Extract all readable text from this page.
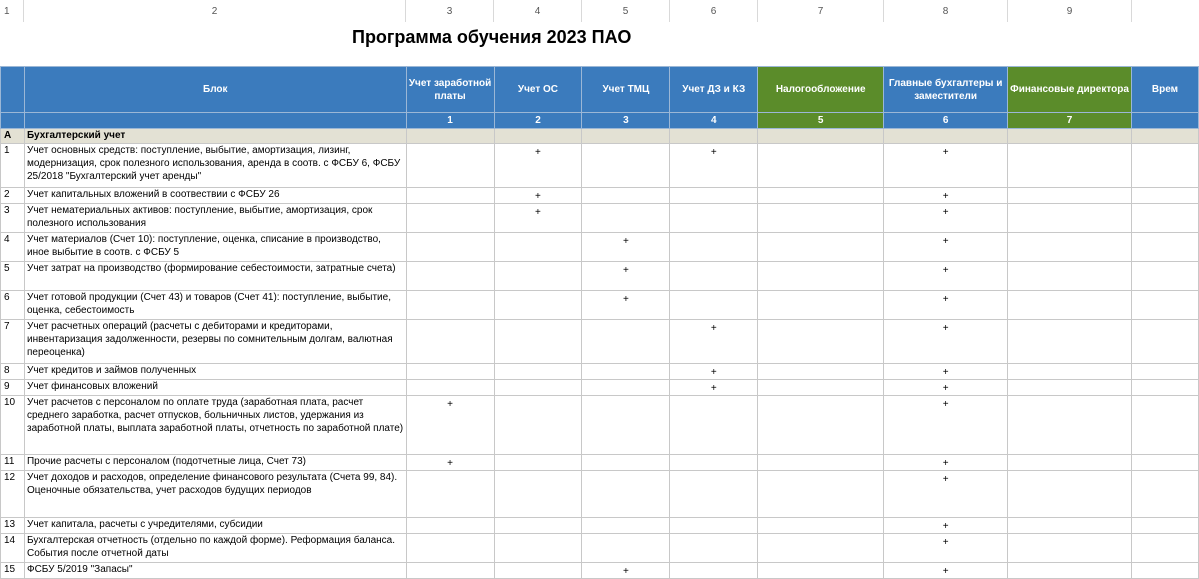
1	2	3	4	5	6	7	8	9
Программа обучения 2023 ПАО
	Блок	Учет заработной платы	Учет ОС	Учет ТМЦ	Учет ДЗ и КЗ	Налогообложение	Главные бухгалтеры и заместители	Финансовые директора	Врем
		1	2	3	4	5	6	7	
А	Бухгалтерский учет								
1	Учет основных средств: поступление, выбытие, амортизация, лизинг, модернизация, срок полезного использования, аренда в соотв. с ФСБУ 6, ФСБУ 25/2018 "Бухгалтерский учет аренды"		+		+		+		
2	Учет капитальных вложений в соотвествии с ФСБУ 26		+				+		
3	Учет нематериальных активов: поступление, выбытие, амортизация, срок полезного использования		+				+		
4	Учет материалов (Счет 10): поступление, оценка, списание в производство, иное выбытие в соотв. с ФСБУ 5			+			+		
5	Учет затрат на производство (формирование себестоимости, затратные счета)			+			+		
6	Учет готовой продукции (Счет 43) и товаров (Счет 41): поступление, выбытие, оценка, себестоимость			+			+		
7	Учет расчетных операций (расчеты с дебиторами и кредиторами, инвентаризация задолженности, резервы по сомнительным долгам, валютная переоценка)				+		+		
8	Учет кредитов и займов полученных				+		+		
9	Учет финансовых вложений				+		+		
10	Учет расчетов с персоналом по оплате труда (заработная плата, расчет среднего заработка, расчет отпусков, больничных листов, удержания из заработной платы, выплата заработной платы, отчетность по заработной плате)	+					+		
11	Прочие расчеты с персоналом (подотчетные лица, Счет 73)	+					+		
12	Учет доходов и расходов, определение финансового результата (Счета 99, 84). Оценочные обязательства, учет расходов будущих периодов						+		
13	Учет капитала, расчеты с учредителями, субсидии						+		
14	Бухгалтерская отчетность (отдельно по каждой форме). Реформация баланса. События после отчетной даты						+		
15	ФСБУ 5/2019 "Запасы"			+			+		
